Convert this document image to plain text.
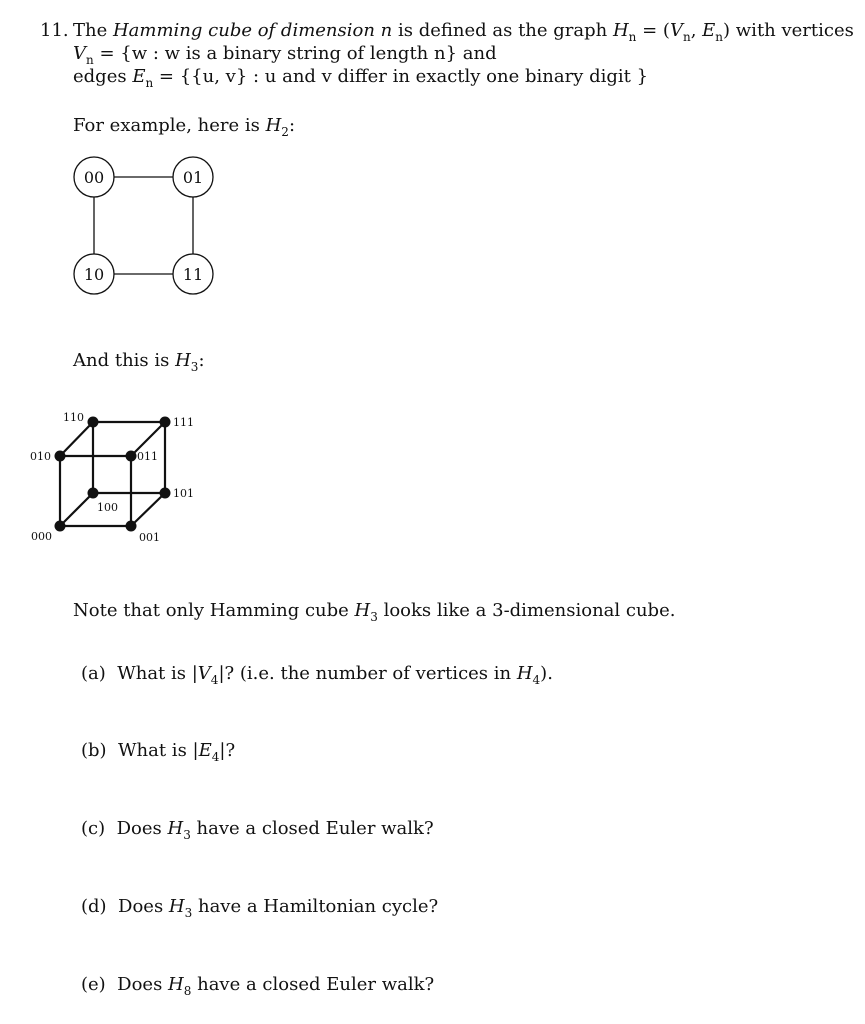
11. The Hamming cube of dimension n is defined as the graph $H_n = (V_n$, $E_n$) with vertices
$V_n = \{w$ : w is a binary string of length n} and
edges $E_n = \{\{u$, v} : u and v differ in exactly one binary digit }
For example, here is $H_2$:
00	01
10	11
And this is $H_3$:
110	111
010	011
100
101
000	001
Note that only Hamming cube $H_3$ looks like a 3-dimensional cube.
(a) What is $|V_4|$? (i.e. the number of vertices in $H_4$).
(b) What is $|E_4|$?
(c) Does $H_3$ have a closed Euler walk?
(d) Does $H_3$ have a Hamiltonian cycle?
(e) Does $H_8$ have a closed Euler walk?
